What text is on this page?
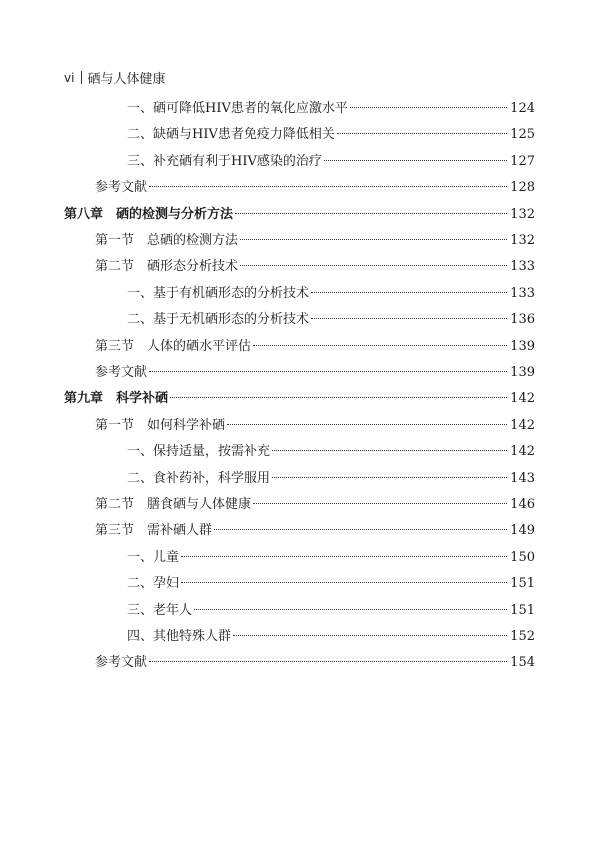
vi 硒与人体健康
一、硒可降低HIV患者的氧化应激水平	124
二、缺硒与HIV患者免疫力降低相关	125
三、补充硒有利于HIV感染的治疗	127
参考文献	128
第八章　硒的检测与分析方法	132
第一节　总硒的检测方法	132
第二节　硒形态分析技术	133
一、基于有机硒形态的分析技术	133
二、基于无机硒形态的分析技术	136
第三节　人体的硒水平评估	139
参考文献	139
第九章　科学补硒	142
第一节　如何科学补硒	142
一、保持适量，按需补充	142
二、食补药补，科学服用	143
第二节　膳食硒与人体健康	146
第三节　需补硒人群	149
一、儿童	150
二、孕妇	151
三、老年人	151
四、其他特殊人群	152
参考文献	154
